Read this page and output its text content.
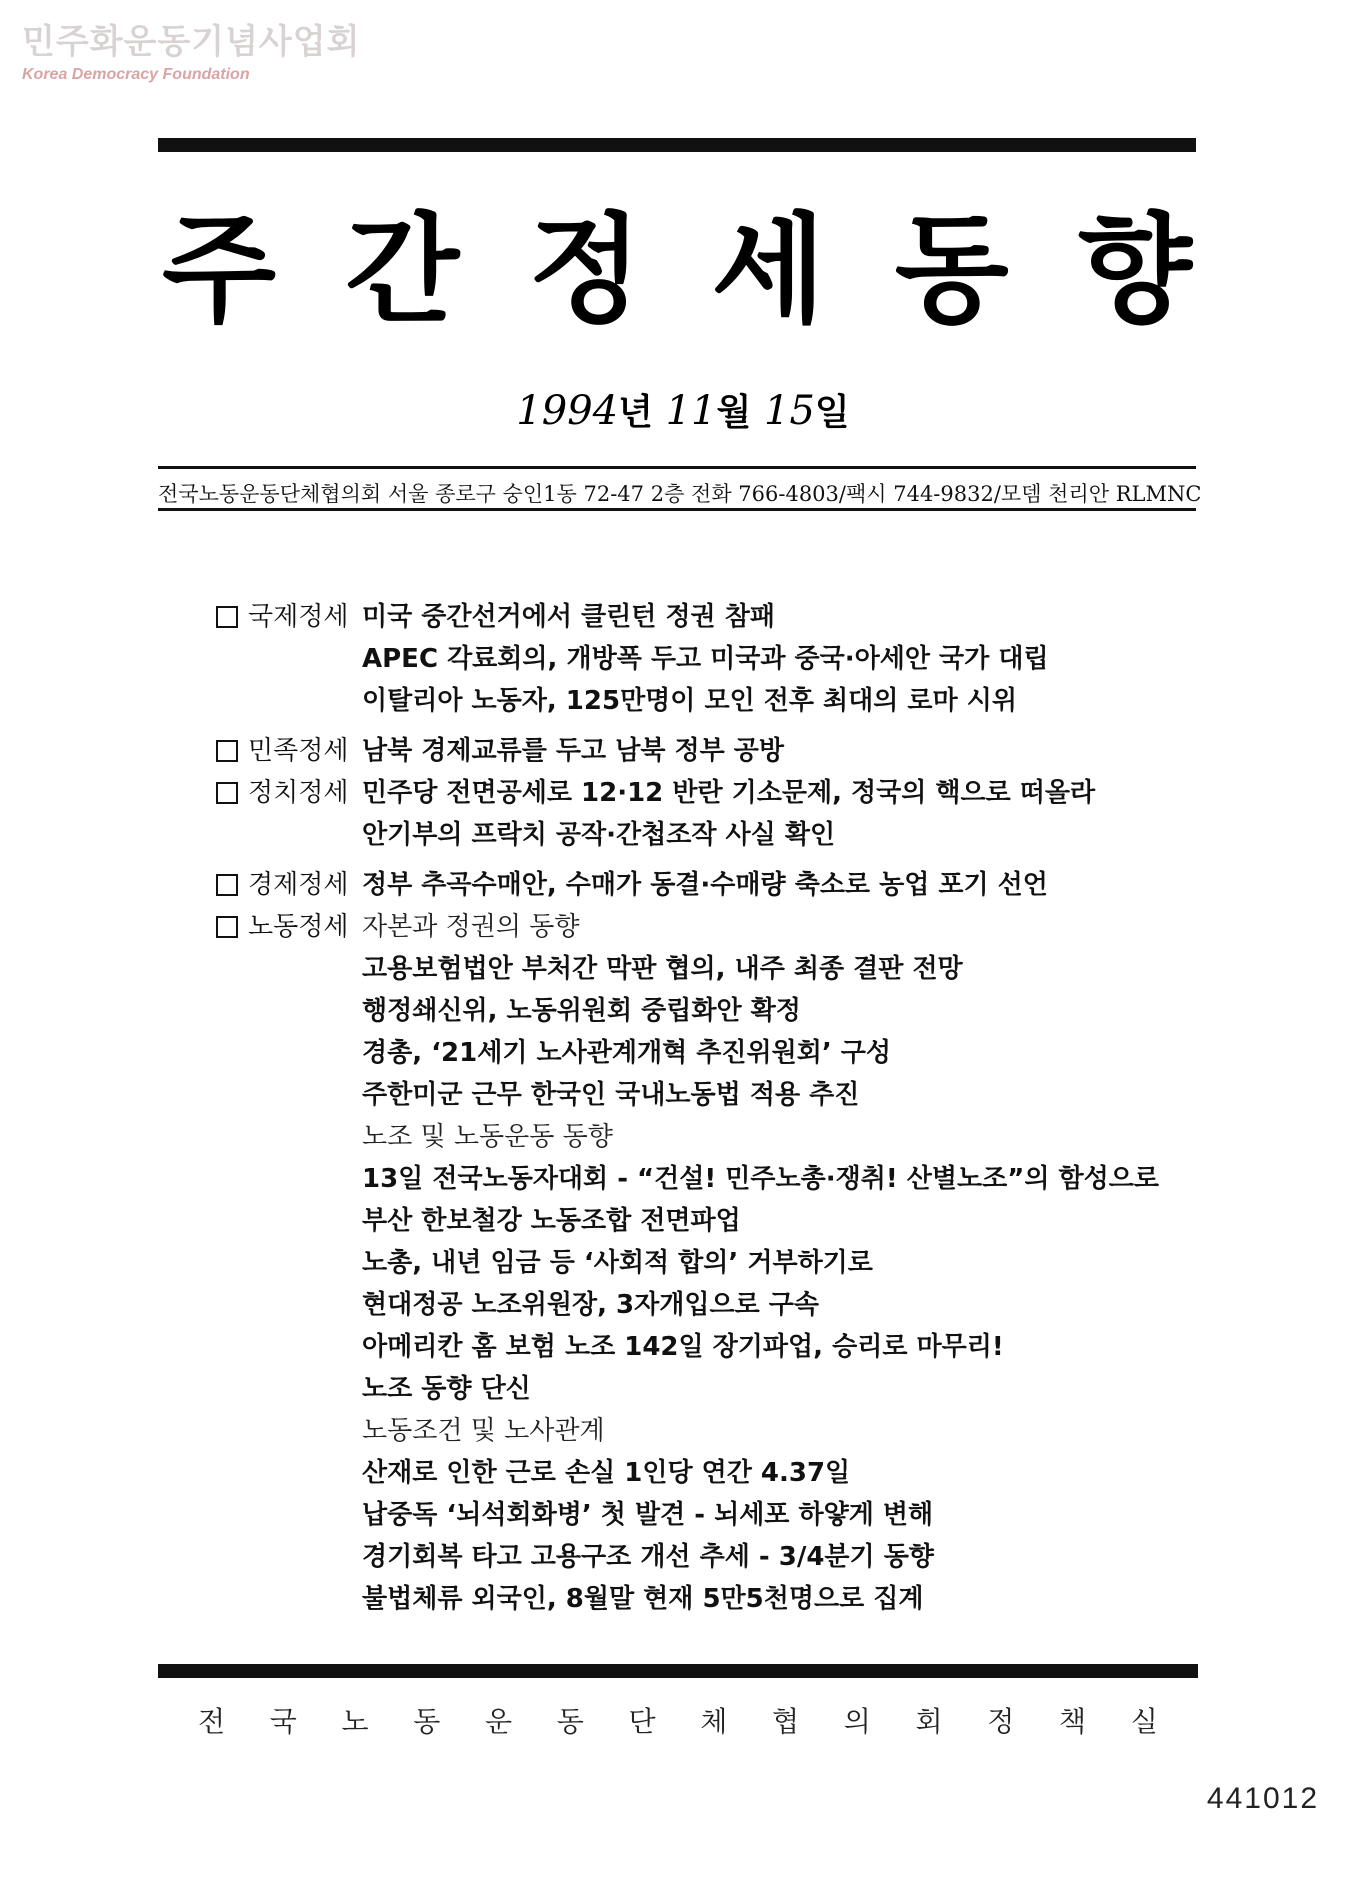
민주화운동기념사업회
Korea Democracy Foundation
주 간 정 세 동 향
1994년 11월 15일
전국노동운동단체협의회 서울 종로구 숭인1동 72-47 2층 전화 766-4803/팩시 744-9832/모뎀 천리안 RLMNC
국제정세 미국 중간선거에서 클린턴 정권 참패
APEC 각료회의, 개방폭 두고 미국과 중국·아세안 국가 대립
이탈리아 노동자, 125만명이 모인 전후 최대의 로마 시위
민족정세 남북 경제교류를 두고 남북 정부 공방
정치정세 민주당 전면공세로 12·12 반란 기소문제, 정국의 핵으로 떠올라
안기부의 프락치 공작·간첩조작 사실 확인
경제정세 정부 추곡수매안, 수매가 동결·수매량 축소로 농업 포기 선언
노동정세 자본과 정권의 동향
고용보험법안 부처간 막판 협의, 내주 최종 결판 전망
행정쇄신위, 노동위원회 중립화안 확정
경총, ‘21세기 노사관계개혁 추진위원회’ 구성
주한미군 근무 한국인 국내노동법 적용 추진
노조 및 노동운동 동향
13일 전국노동자대회 - “건설! 민주노총·쟁취! 산별노조”의 함성으로
부산 한보철강 노동조합 전면파업
노총, 내년 임금 등 ‘사회적 합의’ 거부하기로
현대정공 노조위원장, 3자개입으로 구속
아메리칸 홈 보험 노조 142일 장기파업, 승리로 마무리!
노조 동향 단신
노동조건 및 노사관계
산재로 인한 근로 손실 1인당 연간 4.37일
납중독 ‘뇌석회화병’ 첫 발견 - 뇌세포 하얗게 변해
경기회복 타고 고용구조 개선 추세 - 3/4분기 동향
불법체류 외국인, 8월말 현재 5만5천명으로 집계
전 국 노 동 운 동 단 체 협 의 회 정 책 실
441012
